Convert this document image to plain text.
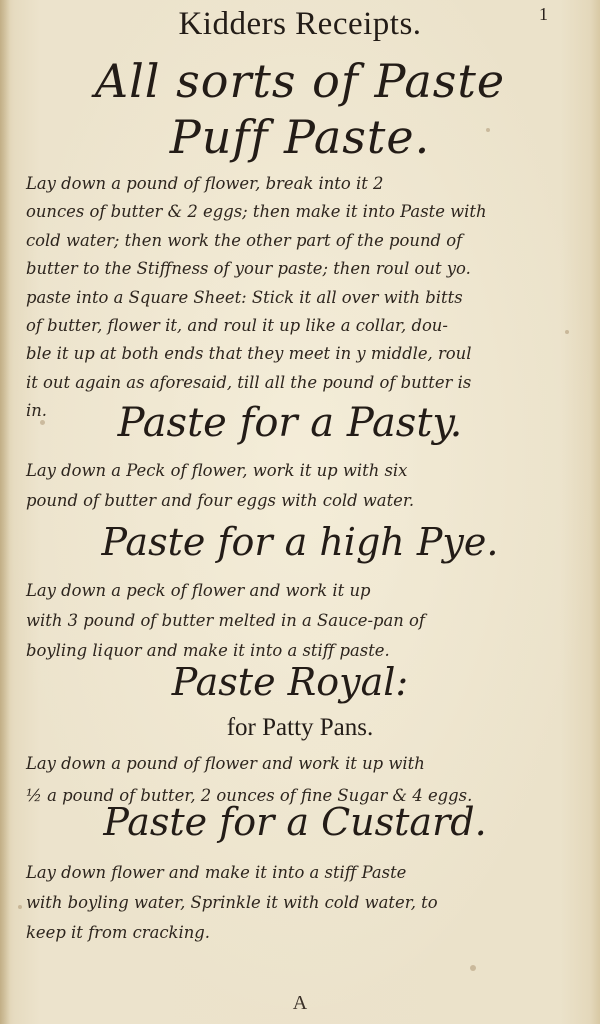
1
Kidders Receipts.
All sorts of Paste
Puff Paste.
Lay down a pound of flower, break into it 2
ounces of butter & 2 eggs; then make it into Paste with
cold water; then work the other part of the pound of
butter to the Stiffness of your paste; then roul out yo.
paste into a Square Sheet: Stick it all over with bitts
of butter, flower it, and roul it up like a collar, dou-
ble it up at both ends that they meet in y middle, roul
it out again as aforesaid, till all the pound of butter is
in.	Paste for a Pasty.
Lay down a Peck of flower, work it up with six
pound of butter and four eggs with cold water.
Paste for a high Pye.
Lay down a peck of flower and work it up
with 3 pound of butter melted in a Sauce-pan of
boyling liquor and make it into a stiff paste.
Paste Royal:
for Patty Pans.
Lay down a pound of flower and work it up with
½ a pound of butter, 2 ounces of fine Sugar & 4 eggs.
Paste for a Custard.
Lay down flower and make it into a stiff Paste
with boyling water, Sprinkle it with cold water, to
keep it from cracking.
A
